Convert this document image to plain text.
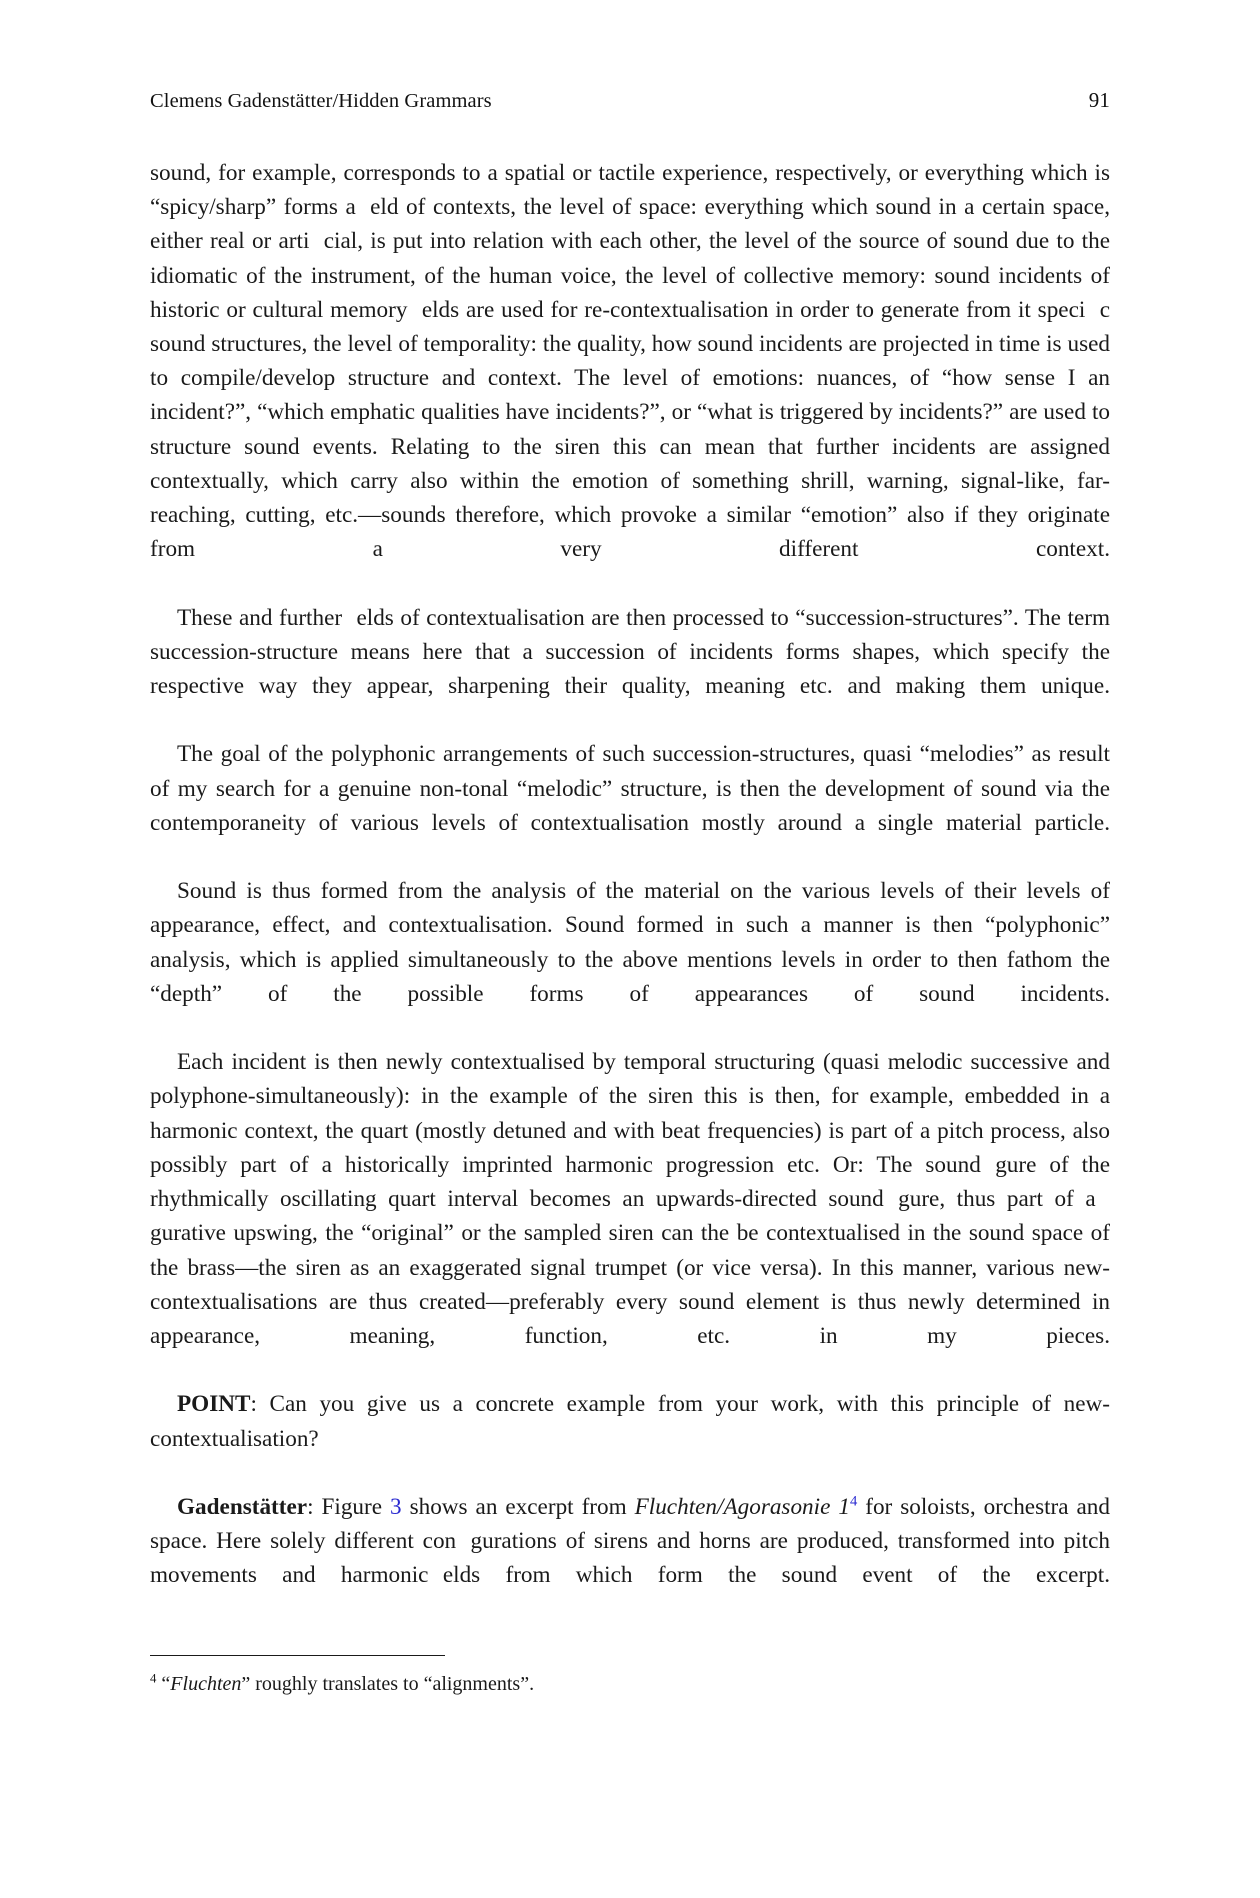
Clemens Gadenstätter/Hidden Grammars	91

sound, for example, corresponds to a spatial or tactile experience, respectively, or everything which is “spicy/sharp” forms a eld of contexts, the level of space: everything which sound in a certain space, either real or arti cial, is put into relation with each other, the level of the source of sound due to the idiomatic of the instrument, of the human voice, the level of collective memory: sound incidents of historic or cultural memory elds are used for re-contextualisation in order to generate from it speci c sound structures, the level of temporality: the quality, how sound incidents are projected in time is used to compile/develop structure and context. The level of emotions: nuances, of “how sense I an incident?”, “which emphatic qualities have incidents?”, or “what is triggered by incidents?” are used to structure sound events. Relating to the siren this can mean that further incidents are assigned contextually, which carry also within the emotion of something shrill, warning, signal-like, far-reaching, cutting, etc.—sounds therefore, which provoke a similar “emotion” also if they originate from a very different context.

These and further elds of contextualisation are then processed to “succession-structures”. The term succession-structure means here that a succession of incidents forms shapes, which specify the respective way they appear, sharpening their quality, meaning etc. and making them unique.

The goal of the polyphonic arrangements of such succession-structures, quasi “melodies” as result of my search for a genuine non-tonal “melodic” structure, is then the development of sound via the contemporaneity of various levels of contextualisation mostly around a single material particle.

Sound is thus formed from the analysis of the material on the various levels of their levels of appearance, effect, and contextualisation. Sound formed in such a manner is then “polyphonic” analysis, which is applied simultaneously to the above mentions levels in order to then fathom the “depth” of the possible forms of appearances of sound incidents.

Each incident is then newly contextualised by temporal structuring (quasi melodic successive and polyphone-simultaneously): in the example of the siren this is then, for example, embedded in a harmonic context, the quart (mostly detuned and with beat frequencies) is part of a pitch process, also possibly part of a historically imprinted harmonic progression etc. Or: The sound gure of the rhythmically oscillating quart interval becomes an upwards-directed sound gure, thus part of agurative upswing, the “original” or the sampled siren can the be contextualised in the sound space of the brass—the siren as an exaggerated signal trumpet (or vice versa). In this manner, various new-contextualisations are thus created—preferably every sound element is thus newly determined in appearance, meaning, function, etc. in my pieces.

POINT: Can you give us a concrete example from your work, with this principle of new-contextualisation?

Gadenstätter: Figure 3 shows an excerpt from Fluchten/Agorasonie 1$^4$ for soloists, orchestra and space. Here solely different con gurations of sirens and horns are produced, transformed into pitch movements and harmonic elds from which form the sound event of the excerpt.

$^4$ “Fluchten” roughly translates to “alignments”.
